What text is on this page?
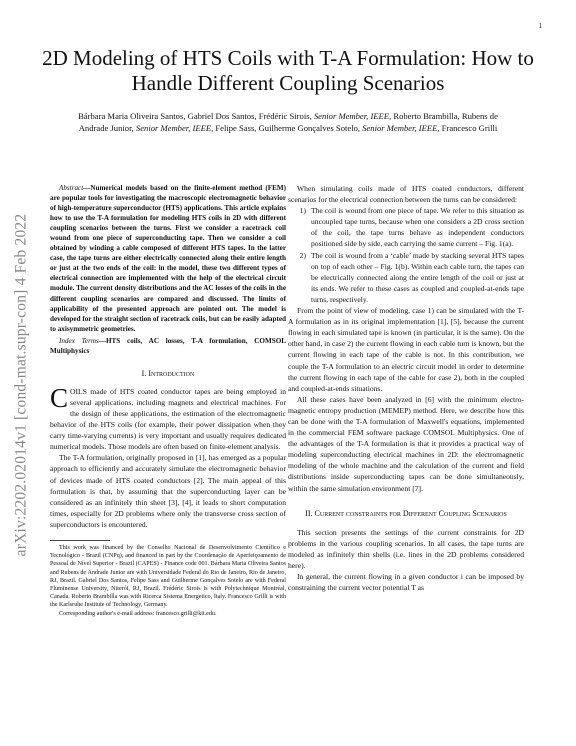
1
arXiv:2202.02014v1 [cond-mat.supr-con] 4 Feb 2022
2D Modeling of HTS Coils with T-A Formulation: How to Handle Different Coupling Scenarios
Bárbara Maria Oliveira Santos, Gabriel Dos Santos, Frédéric Sirois, Senior Member, IEEE, Roberto Brambilla, Rubens de Andrade Junior, Senior Member, IEEE, Felipe Sass, Guilherme Gonçalves Sotelo, Senior Member, IEEE, Francesco Grilli

Abstract—Numerical models based on the finite-element method (FEM) are popular tools for investigating the macroscopic electromagnetic behavior of high-temperature superconductor (HTS) applications. This article explains how to use the T-A formulation for modeling HTS coils in 2D with different coupling scenarios between the turns. First we consider a racetrack coil wound from one piece of superconducting tape. Then we consider a coil obtained by winding a cable composed of different HTS tapes. In the latter case, the tape turns are either electrically connected along their entire length or just at the two ends of the coil: in the model, these two different types of electrical connection are implemented with the help of the electrical circuit module. The current density distributions and the AC losses of the coils in the different coupling scenarios are compared and discussed. The limits of applicability of the presented approach are pointed out. The model is developed for the straight section of racetrack coils, but can be easily adapted to axisymmetric geometries.

Index Terms—HTS coils, AC losses, T-A formulation, COMSOL Multiphysics

I. Introduction

COILS made of HTS coated conductor tapes are being employed in several applications, including magnets and electrical machines. For the design of these applications, the estimation of the electromagnetic behavior of the HTS coils (for example, their power dissipation when they carry time-varying currents) is very important and usually requires dedicated numerical models. Those models are often based on finite-element analysis.

The T-A formulation, originally proposed in [1], has emerged as a popular approach to efficiently and accurately simulate the electromagnetic behavior of devices made of HTS coated conductors [2]. The main appeal of this formulation is that, by assuming that the superconducting layer can be considered as an infinitely thin sheet [3], [4], it leads to short computation times, especially for 2D problems where only the transverse cross section of superconductors is encountered.

This work was financed by the Conselho Nacional de Desenvolvimento Científico e Tecnológico - Brazil (CNPq), and financed in part by the Coordenação de Aperfeiçoamento de Pessoal de Nível Superior - Brazil (CAPES) - Finance code 001. Bárbara Maria Oliveira Santos and Rubens de Andrade Junior are with Universidade Federal do Rio de Janeiro, Rio de Janeiro, RJ, Brazil. Gabriel Dos Santos, Felipe Sass and Guilherme Gonçalves Sotelo are with Federal Fluminense University, Niterói, RJ, Brazil. Frédéric Sirois is with Polytechnique Montréal, Canada. Roberto Brambilla was with Ricerca Sistema Energetico, Italy. Francesco Grilli is with the Karlsruhe Institute of Technology, Germany.

Corresponding author's e-mail address: francesco.grilli@kit.edu.

When simulating coils made of HTS coated conductors, different scenarios for the electrical connection between the turns can be considered:

1) The coil is wound from one piece of tape. We refer to this situation as uncoupled tape turns, because when one considers a 2D cross section of the coil, the tape turns behave as independent conductors positioned side by side, each carrying the same current – Fig. 1(a).
2) The coil is wound from a ‘cable’ made by stacking several HTS tapes on top of each other – Fig. 1(b). Within each cable turn, the tapes can be electrically connected along the entire length of the coil or just at its ends. We refer to these cases as coupled and coupled-at-ends tape turns, respectively.

From the point of view of modeling, case 1) can be simulated with the T-A formulation as in its original implementation [1], [5], because the current flowing in each simulated tape is known (in particular, it is the same). On the other hand, in case 2) the current flowing in each cable turn is known, but the current flowing in each tape of the cable is not. In this contribution, we couple the T-A formulation to an electric circuit model in order to determine the current flowing in each tape of the cable for case 2), both in the coupled and coupled-at-ends situations.

All these cases have been analyzed in [6] with the minimum electro-magnetic entropy production (MEMEP) method. Here, we describe how this can be done with the T-A formulation of Maxwell's equations, implemented in the commercial FEM software package COMSOL Multiphysics. One of the advantages of the T-A formulation is that it provides a practical way of modeling superconducting electrical machines in 2D: the electromagnetic modeling of the whole machine and the calculation of the current and field distributions inside superconducting tapes can be done simultaneously, within the same simulation environment [7].

II. Current constraints for Different Coupling Scenarios

This section presents the settings of the current constraints for 2D problems in the various coupling scenarios. In all cases, the tape turns are modeled as infinitely thin shells (i.e. lines in the 2D problems considered here).

In general, the current flowing in a given conductor i can be imposed by constraining the current vector potential T as
